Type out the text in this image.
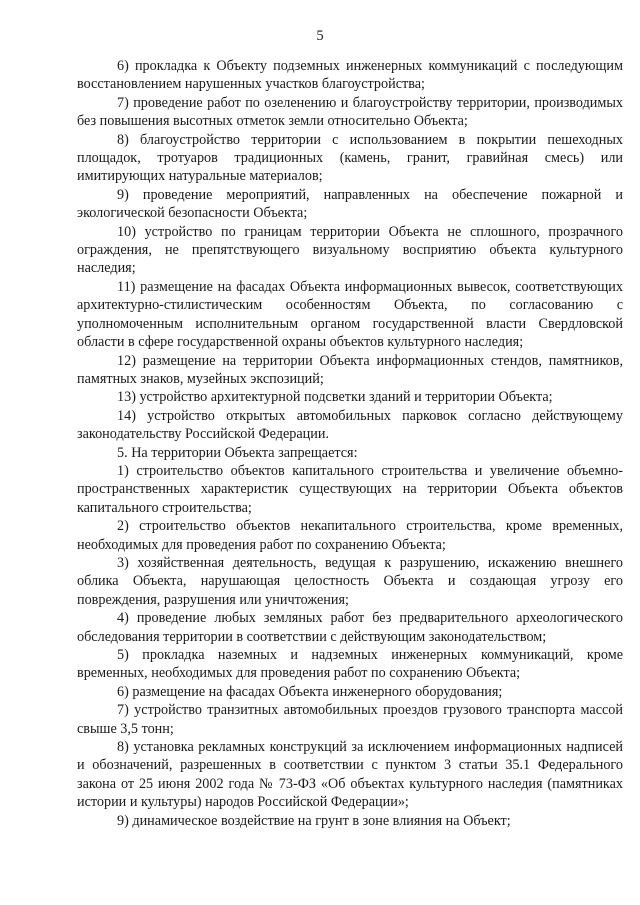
5

6) прокладка к Объекту подземных инженерных коммуникаций с последующим восстановлением нарушенных участков благоустройства;

7) проведение работ по озеленению и благоустройству территории, производимых без повышения высотных отметок земли относительно Объекта;

8) благоустройство территории с использованием в покрытии пешеходных площадок, тротуаров традиционных (камень, гранит, гравийная смесь) или имитирующих натуральные материалов;

9) проведение мероприятий, направленных на обеспечение пожарной и экологической безопасности Объекта;

10) устройство по границам территории Объекта не сплошного, прозрачного ограждения, не препятствующего визуальному восприятию объекта культурного наследия;

11) размещение на фасадах Объекта информационных вывесок, соответствующих архитектурно-стилистическим особенностям Объекта, по согласованию с уполномоченным исполнительным органом государственной власти Свердловской области в сфере государственной охраны объектов культурного наследия;

12) размещение на территории Объекта информационных стендов, памятников, памятных знаков, музейных экспозиций;

13) устройство архитектурной подсветки зданий и территории Объекта;

14) устройство открытых автомобильных парковок согласно действующему законодательству Российской Федерации.

5. На территории Объекта запрещается:

1) строительство объектов капитального строительства и увеличение объемно-пространственных характеристик существующих на территории Объекта объектов капитального строительства;

2) строительство объектов некапитального строительства, кроме временных, необходимых для проведения работ по сохранению Объекта;

3) хозяйственная деятельность, ведущая к разрушению, искажению внешнего облика Объекта, нарушающая целостность Объекта и создающая угрозу его повреждения, разрушения или уничтожения;

4) проведение любых земляных работ без предварительного археологического обследования территории в соответствии с действующим законодательством;

5) прокладка наземных и надземных инженерных коммуникаций, кроме временных, необходимых для проведения работ по сохранению Объекта;

6) размещение на фасадах Объекта инженерного оборудования;

7) устройство транзитных автомобильных проездов грузового транспорта массой свыше 3,5 тонн;

8) установка рекламных конструкций за исключением информационных надписей и обозначений, разрешенных в соответствии с пунктом 3 статьи 35.1 Федерального закона от 25 июня 2002 года № 73-ФЗ «Об объектах культурного наследия (памятниках истории и культуры) народов Российской Федерации»;

9) динамическое воздействие на грунт в зоне влияния на Объект;
